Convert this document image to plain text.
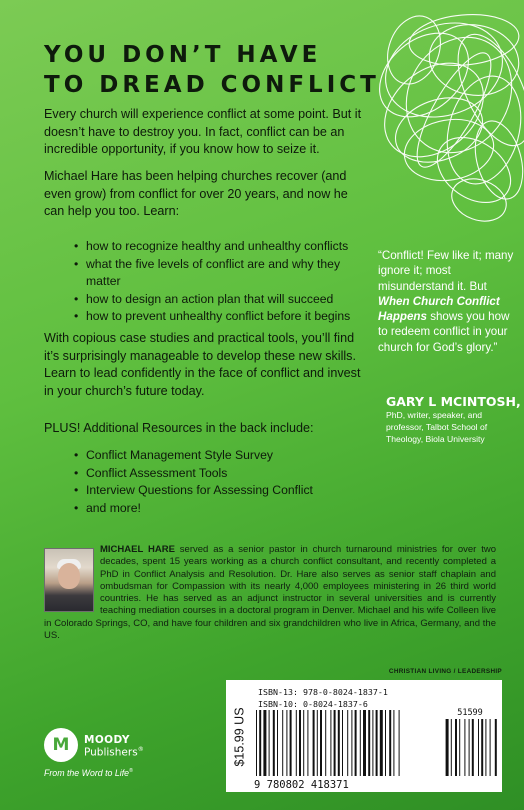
YOU DON’T HAVE
TO DREAD CONFLICT

Every church will experience conflict at some point. But it doesn’t have to destroy you. In fact, conflict can be an incredible opportunity, if you know how to seize it.

Michael Hare has been helping churches recover (and even grow) from conflict for over 20 years, and now he can help you too. Learn:

• how to recognize healthy and unhealthy conflicts
• what the five levels of conflict are and why they matter
• how to design an action plan that will succeed
• how to prevent unhealthy conflict before it begins

With copious case studies and practical tools, you’ll find it’s surprisingly manageable to develop these new skills. Learn to lead confidently in the face of conflict and invest in your church’s future today.

PLUS! Additional Resources in the back include:

• Conflict Management Style Survey
• Conflict Assessment Tools
• Interview Questions for Assessing Conflict
• and more!
“Conflict! Few like it; many ignore it; most misunderstand it. But When Church Conflict Happens shows you how to redeem conflict in your church for God’s glory.”
GARY L MCINTOSH,
PhD, writer, speaker, and professor, Talbot School of Theology, Biola University

MICHAEL HARE served as a senior pastor in church turnaround ministries for over two decades, spent 15 years working as a church conflict consultant, and recently completed a PhD in Conflict Analysis and Resolution. Dr. Hare also serves as senior staff chaplain and ombudsman for Compassion with its nearly 4,000 employees ministering in 26 third world countries. He has served as an adjunct instructor in several universities and is currently teaching mediation courses in a doctoral program in Denver. Michael and his wife Colleen live in Colorado Springs, CO, and have four children and six grandchildren who live in Africa, Germany, and the US.

CHRISTIAN LIVING / LEADERSHIP
$15.99 US
ISBN-13: 978-0-8024-1837-1
ISBN-10: 0-8024-1837-6
51599
9 780802 418371
M MOODY
Publishers®
From the Word to Life®
